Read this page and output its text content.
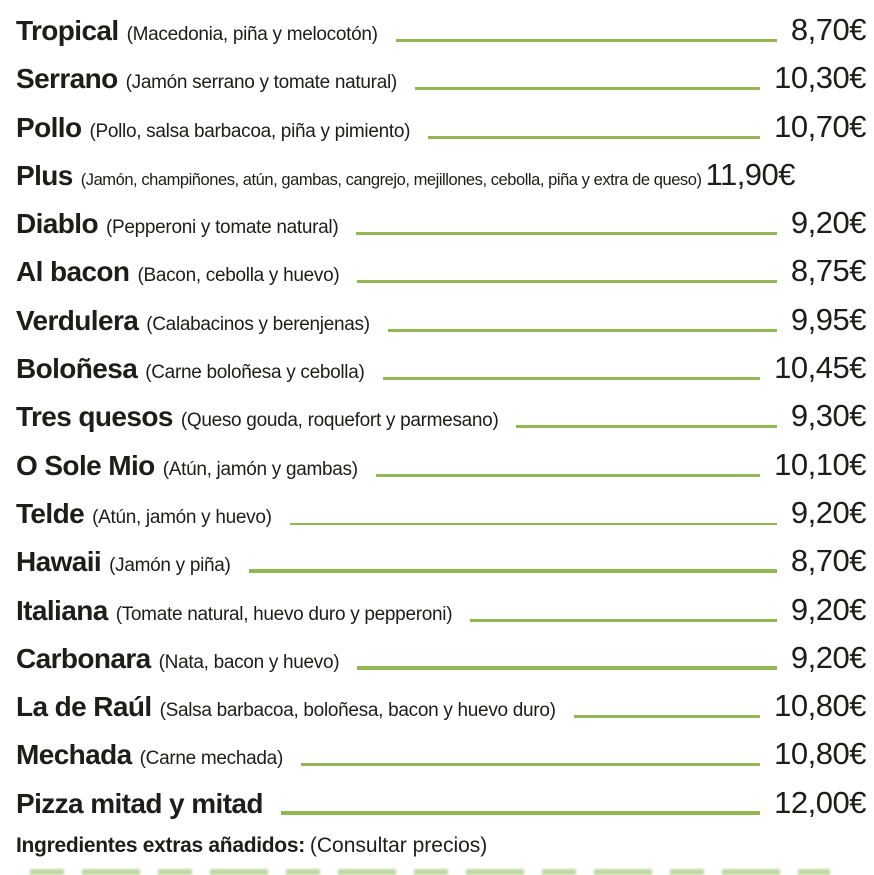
Tropical (Macedonia, piña y melocotón)	8,70€
Serrano (Jamón serrano y tomate natural)	10,30€
Pollo (Pollo, salsa barbacoa, piña y pimiento)	10,70€
Plus (Jamón, champiñones, atún, gambas, cangrejo, mejillones, cebolla, piña y extra de queso) 11,90€
Diablo (Pepperoni y tomate natural)	9,20€
Al bacon (Bacon, cebolla y huevo)	8,75€
Verdulera (Calabacinos y berenjenas)	9,95€
Boloñesa (Carne boloñesa y cebolla)	10,45€
Tres quesos (Queso gouda, roquefort y parmesano)	9,30€
O Sole Mio (Atún, jamón y gambas)	10,10€
Telde (Atún, jamón y huevo)	9,20€
Hawaii (Jamón y piña)	8,70€
Italiana (Tomate natural, huevo duro y pepperoni)	9,20€
Carbonara (Nata, bacon y huevo)	9,20€
La de Raúl (Salsa barbacoa, boloñesa, bacon y huevo duro)	10,80€
Mechada (Carne mechada)	10,80€
Pizza mitad y mitad	12,00€
Ingredientes extras añadidos: (Consultar precios)
